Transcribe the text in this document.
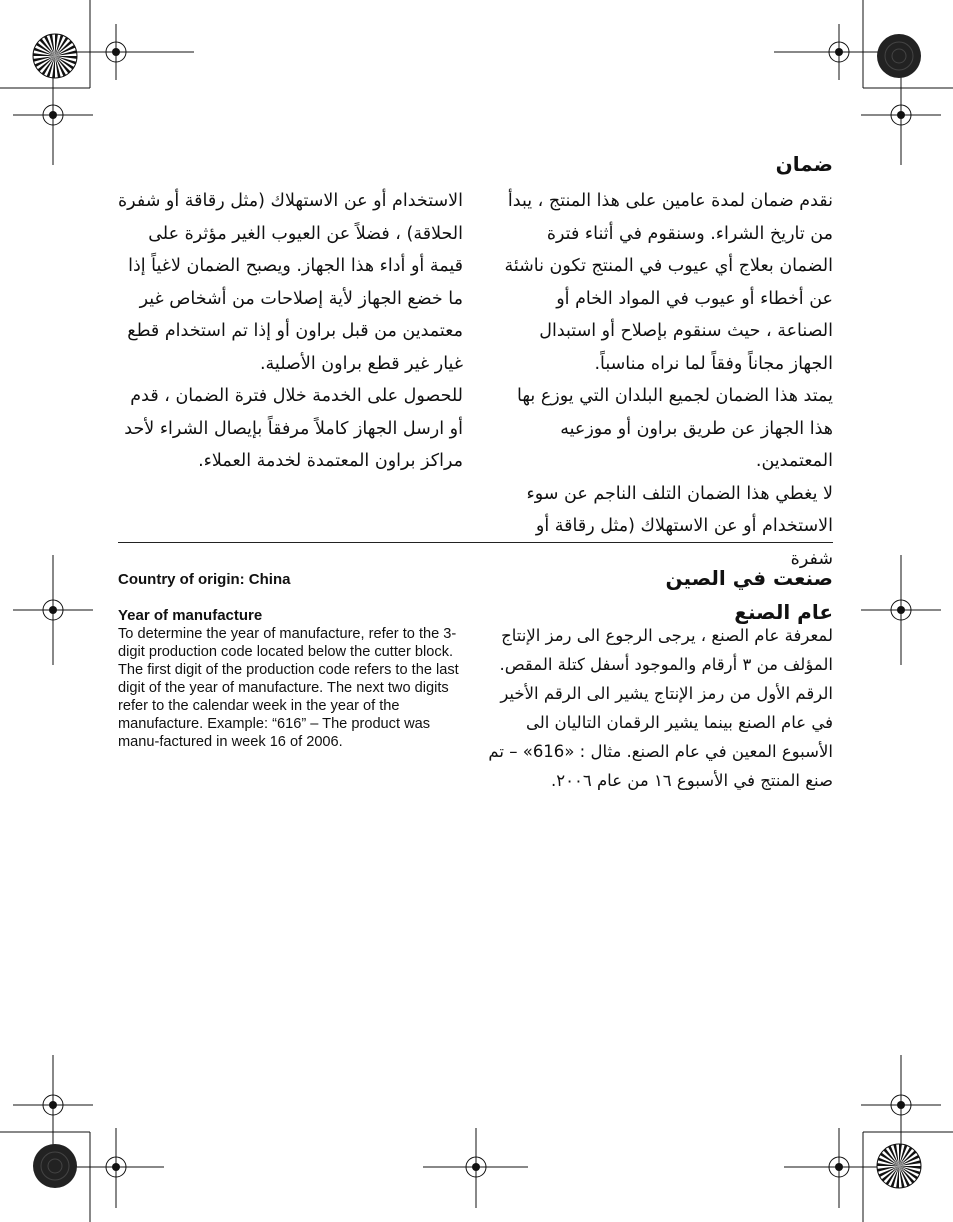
ضمان

نقدم ضمان لمدة عامين على هذا المنتج ، يبدأ من تاريخ الشراء. وسنقوم في أثناء فترة الضمان بعلاج أي عيوب في المنتج تكون ناشئة عن أخطاء أو عيوب في المواد الخام أو الصناعة ، حيث سنقوم بإصلاح أو استبدال الجهاز مجاناً وفقاً لما نراه مناسباً.

يمتد هذا الضمان لجميع البلدان التي يوزع بها هذا الجهاز عن طريق براون أو موزعيه المعتمدين.

لا يغطي هذا الضمان التلف الناجم عن سوء الاستخدام أو عن الاستهلاك (مثل رقاقة أو شفرة

الاستخدام أو عن الاستهلاك (مثل رقاقة أو شفرة الحلاقة) ، فضلاً عن العيوب الغير مؤثرة على قيمة أو أداء هذا الجهاز. ويصبح الضمان لاغياً إذا ما خضع الجهاز لأية إصلاحات من أشخاص غير معتمدين من قبل براون أو إذا تم استخدام قطع غيار غير قطع براون الأصلية.

للحصول على الخدمة خلال فترة الضمان ، قدم أو ارسل الجهاز كاملاً مرفقاً بإيصال الشراء لأحد مراكز براون المعتمدة لخدمة العملاء.

Country of origin: China
Year of manufacture
To determine the year of manufacture, refer to the 3-digit production code located below the cutter block. The first digit of the production code refers to the last digit of the year of manufacture. The next two digits refer to the calendar week in the year of the manufacture. Example: “616” – The product was manu-factured in week 16 of 2006.
صنعت في الصين
عام الصنع
لمعرفة عام الصنع ، يرجى الرجوع الى رمز الإنتاج المؤلف من ٣ أرقام والموجود أسفل كتلة المقص. الرقم الأول من رمز الإنتاج يشير الى الرقم الأخير في عام الصنع بينما يشير الرقمان التاليان الى الأسبوع المعين في عام الصنع. مثال : «616» – تم صنع المنتج في الأسبوع ١٦ من عام ٢٠٠٦.
